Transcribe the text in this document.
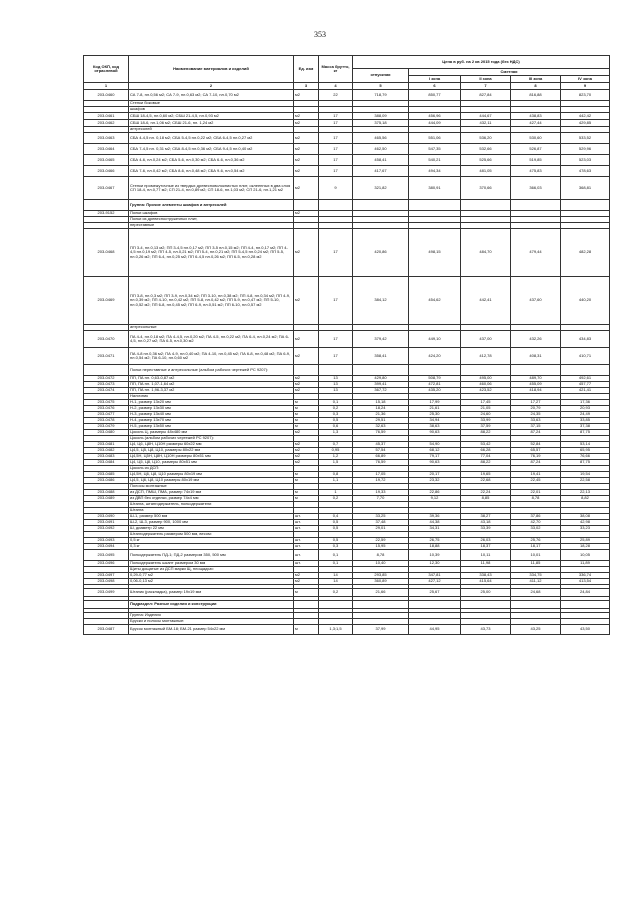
353
Код ОКП, код отраслевой	Наименование материалов и изделий	Ед. изм	Масса брутто, кг	Цена в руб. на 2 кв 2015 года (без НДС)				
				отпускная	Сметная			
					I зона	II зона	III зона	IV зона
1	2	3	4	5	6	7	8	9
203-0460	СА 7-8, пл.0,56 м2; СА 7-9, пл.0,63 м2; СА 7-10, пл.0,70 м2	м2	22	718,79	850,77	827,84	816,88	823,70
	Стенки боковые							
	шкафов							
203-0461	СБШ 18-4,5, пл.0,60 м2; СБШ 21-4,5, пл.0,93 м2	м2	17	388,09	456,96	444,67	438,83	442,42
203-0462	СБШ 18-6, пл.1,06 м2; СБШ 21-6, пл. 1,24 м2	м2	17	375,18	444,09	432,11	427,44	429,85
	антресолей							
203-0463	СБА 4-4,5 пл. 0,18 м2; СБА 5-4,5 пл.0,22 м2; СБА 6-4,5 пл.0,27 м2	м2	17	465,56	551,06	536,20	530,60	533,52
203-0464	СБА 7-4,5 пл. 0,31 м2; СБА 8-4,5 пл.0,36 м2; СБА 9-4,5 пл.0,40 м2	м2	17	462,50	547,35	532,66	526,87	529,96
203-0465	СБА 4-6, пл.0,24 м2; СБА 5-6, пл.0,30 м2; СБА 6-6, пл.0,36 м2	м2	17	458,41	540,21	525,66	519,85	523,03
203-0466	СБА 7-6, пл.0,42 м2; СБА 8-6, пл.0,48 м2; СБА 9-6, пл.0,54 м2	м2	17	417,67	494,34	481,05	475,83	478,63
203-0467	Стенки промежуточные из твердых древесноволокнистых плит, оклеенных в два слоя СП 18-4, пл.0,77 м2; СП 21-4, пл.0,89 м2; СП 18-6, пл.1,03 м2; СП 21-6, пл.1,21 м2	м2	9	321,82	380,91	370,66	366,03	368,81
	Группа: Прочие элементы шкафов и антресолей							
203-9152	Полки шкафов	м2						
	Полки из древесностружечных плит,							
	переставные							
203-0468	ПП 3-4, пл.0,13 м2; ПП 3-4,5 пл.0,17 м2; ПП 3-5 пл.0,15 м2; ПП 4-4, пл.0,17 м2; ПП 4-4,5 пл.0,19 м2; ПП 4-5, пл.0,21 м2; ПП 5-4, пл.0,21 м2; ПП 5-4,5 пл.0,24 м2; ПП 5-5, пл.0,26 м2; ПП 6-4, пл.0,25 м2; ПП 6-4,5 пл.0,26 м2; ПП 6-5, пл.0,28 м2	м2	17	420,86	498,15	484,70	479,44	482,28
203-0469	ПП 3-8, пл.0,3 м2; ПП 3-9, пл.0,34 м2; ПП 3-10, пл.0,38 м2; ПП 4-8, пл.0,34 м2; ПП 4-9, пл.0,39 м2; ПП 4-10, пл.0,42 м2; ПП 5-8, пл.0,42 м2; ПП 5-9, пл.0,47 м2; ПП 5-10, пл.0,52 м2; ПП 6-8, пл.0,45 м2; ПП 6-9, пл.0,51 м2; ПП 6-10, пл.0,57 м2	м2	17	384,12	454,62	442,41	437,60	440,20
	антресольные							
203-0470	ПА 4-4, пл.0,18 м2; ПА 4-4,5, пл.0,20 м2; ПА 4-5, пл.0,22 м2; ПА 6-4, пл.0,24 м2; ПА 6-4,5, пл.0,27 м2; ПА 6-5, пл.0,30 м2	м2	17	379,42	449,10	437,00	432,26	434,83
203-0471	ПА 4-8 пл.0,36 м2; ПА 4-9, пл.0,40 м2; ПА 4-10, пл.0,45 м2; ПА 6-8, пл.0,48 м2; ПА 6-9, пл.0,54 м2; ПА 6-10, пл.0,60 м2	м2	17	358,41	424,20	412,78	408,31	410,71
	Полки переставные и антресольные (альбом рабочих чертежей РС 9207):							
203-0472	ПП, ПА пл. 0,63-0,87 м2	м2	13	429,80	508,79	495,00	489,70	492,61
203-0473	ПП, ПА пл. 1,07-1,64 м2	м2	13	399,41	472,81	460,06	455,09	457,77
203-0474	ПП, ПА пл. 1,96-3,37 м2	м2	13	367,72	435,20	423,52	418,94	421,41
	Наличник							
203-0475	Н-1, размер 13х20 мм	м	0,1	15,18	17,99	17,45	17,27	17,36
203-0476	Н-2, размер 13х30 мм	м	0,2	18,24	21,61	21,05	20,79	20,93
203-0477	Н-3, размер 13х40 мм	м	0,3	21,36	25,30	24,60	24,35	24,49
203-0478	Н-4, размер 13х70 мм	м	0,5	29,51	34,94	33,99	33,63	33,85
203-0479	Н-5, размер 13х50 мм	м	0,6	32,63	38,63	37,59	37,15	37,38
203-0480	Цоколь Ц, размеры 48х480 мм	м2	1,3	76,59	90,63	88,22	87,24	87,75
	Цоколь (альбом рабочих чертежей РС 9207):							
203-0481	Ц4, Ц6, Ц8Н, Ц10Н размеры 60х22 мм	м2	0,7	45,37	54,90	53,42	52,84	53,14
203-0482	Ц4,5, Ц5, Ц8, Ц10, размеры 80х22 мм	м2	0,95	57,54	68,12	66,28	65,57	65,95
203-0483	Ц4,5Н, Ц5Н, Ц8Н, Ц10Н размеры 80х51 мм	м2	1,2	66,89	79,17	77,04	76,19	76,66
203-0484	Ц4, Ц5, Ц8, Ц10, размеры 80х51 мм	м2	1,5	76,59	90,63	88,22	87,24	87,75
	Цоколь из ДСП:							
203-0485	Ц4,5Н, Ц6, Ц8, Ц10 размеры 80х19 мм	м	0,8	17,05	20,17	19,65	19,41	19,54
203-0486	Ц4,5, Ц6, Ц8, Ц10 размеры 80х19 мм	м	1,1	19,72	23,32	22,68	22,45	22,58
	Полосы монтажные							
203-0488	из ДСП, ПМШ, ПМА, размер 74х19 мм	м	1	19,33	22,86	22,24	22,01	22,13
203-0489	из ДВП без отделки, размер 74х4 мм	м	0,2	7,70	9,12	8,85	8,78	8,82
	Штанга, штангодержатель, полкодержатели							
	Штанга							
203-0490	Ш-1, размер 500 мм	шт.	0,4	33,25	39,36	38,27	37,86	38,08
203-0491	Ш-2, Ш-3, размер 900, 1000 мм	шт.	0,5	37,48	44,38	43,18	42,70	42,98
203-0492	Ш, диаметр 22 мм	шт.	0,5	29,01	34,31	33,39	33,02	33,23
	Штангодержатель размером 500 мм, весом:							
203-0493	0,5 кг	шт.	0,5	22,59	26,75	26,03	25,76	25,89
203-0494	0,3 кг	шт.	0,3	15,95	18,88	18,37	18,17	18,28
203-0495	Полкодержатель ПД-1; ПД-2 размером 350, 500 мм	шт.	0,1	8,78	10,39	10,11	10,01	10,05
203-0496	Полкодержатель шкант размером 30 мм	шт.	0,1	10,40	12,30	11,98	11,85	11,89
	Щиты дощатые из ДСП марки Щ, площадью:							
203-0497	0,29-0,77 м2	м2	14	293,85	347,81	338,43	334,75	336,74
203-0498	0,06-0,13 м2	м2	14	360,89	427,12	415,64	411,12	413,54

203-0499	Штапик (раскладка), размер 19х19 мм	м	0,2	21,66	25,67	25,00	24,68	24,84

	Подраздел: Разные изделия и конструкции							

	Группа: Изделия							
	Бруски и полосы монтажные:							
203-0487	Брусок монтажный БМ-18; БМ-21 размер 54х22 мм	м	1,3;1,5	37,99	44,95	43,73	43,25	43,50
